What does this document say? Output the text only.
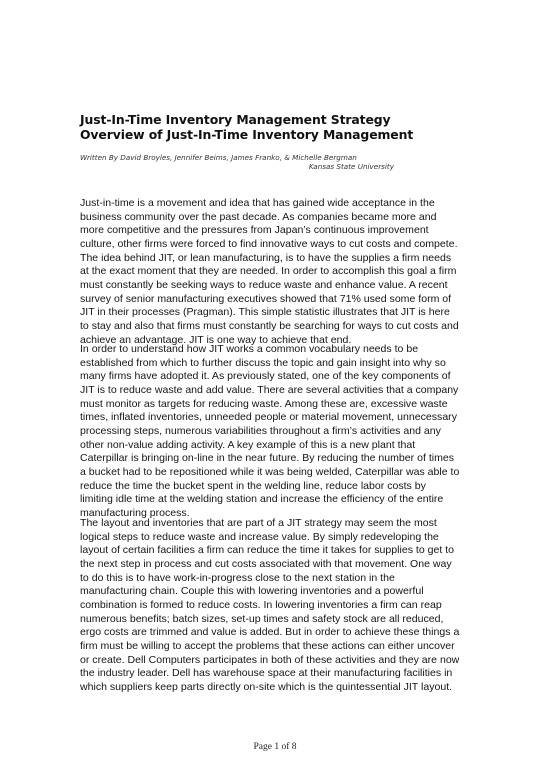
Just-In-Time Inventory Management Strategy
Overview of Just-In-Time Inventory Management
Written By David Broyles, Jennifer Beims, James Franko, & Michelle Bergman
Kansas State University
Just-in-time is a movement and idea that has gained wide acceptance in the
business community over the past decade. As companies became more and
more competitive and the pressures from Japan’s continuous improvement
culture, other firms were forced to find innovative ways to cut costs and compete.
The idea behind JIT, or lean manufacturing, is to have the supplies a firm needs
at the exact moment that they are needed. In order to accomplish this goal a firm
must constantly be seeking ways to reduce waste and enhance value. A recent
survey of senior manufacturing executives showed that 71% used some form of
JIT in their processes (Pragman). This simple statistic illustrates that JIT is here
to stay and also that firms must constantly be searching for ways to cut costs and
achieve an advantage. JIT is one way to achieve that end.
In order to understand how JIT works a common vocabulary needs to be
established from which to further discuss the topic and gain insight into why so
many firms have adopted it. As previously stated, one of the key components of
JIT is to reduce waste and add value. There are several activities that a company
must monitor as targets for reducing waste. Among these are, excessive waste
times, inflated inventories, unneeded people or material movement, unnecessary
processing steps, numerous variabilities throughout a firm’s activities and any
other non-value adding activity. A key example of this is a new plant that
Caterpillar is bringing on-line in the near future. By reducing the number of times
a bucket had to be repositioned while it was being welded, Caterpillar was able to
reduce the time the bucket spent in the welding line, reduce labor costs by
limiting idle time at the welding station and increase the efficiency of the entire
manufacturing process.
The layout and inventories that are part of a JIT strategy may seem the most
logical steps to reduce waste and increase value. By simply redeveloping the
layout of certain facilities a firm can reduce the time it takes for supplies to get to
the next step in process and cut costs associated with that movement. One way
to do this is to have work-in-progress close to the next station in the
manufacturing chain. Couple this with lowering inventories and a powerful
combination is formed to reduce costs. In lowering inventories a firm can reap
numerous benefits; batch sizes, set-up times and safety stock are all reduced,
ergo costs are trimmed and value is added. But in order to achieve these things a
firm must be willing to accept the problems that these actions can either uncover
or create. Dell Computers participates in both of these activities and they are now
the industry leader. Dell has warehouse space at their manufacturing facilities in
which suppliers keep parts directly on-site which is the quintessential JIT layout.
Page 1 of 8
